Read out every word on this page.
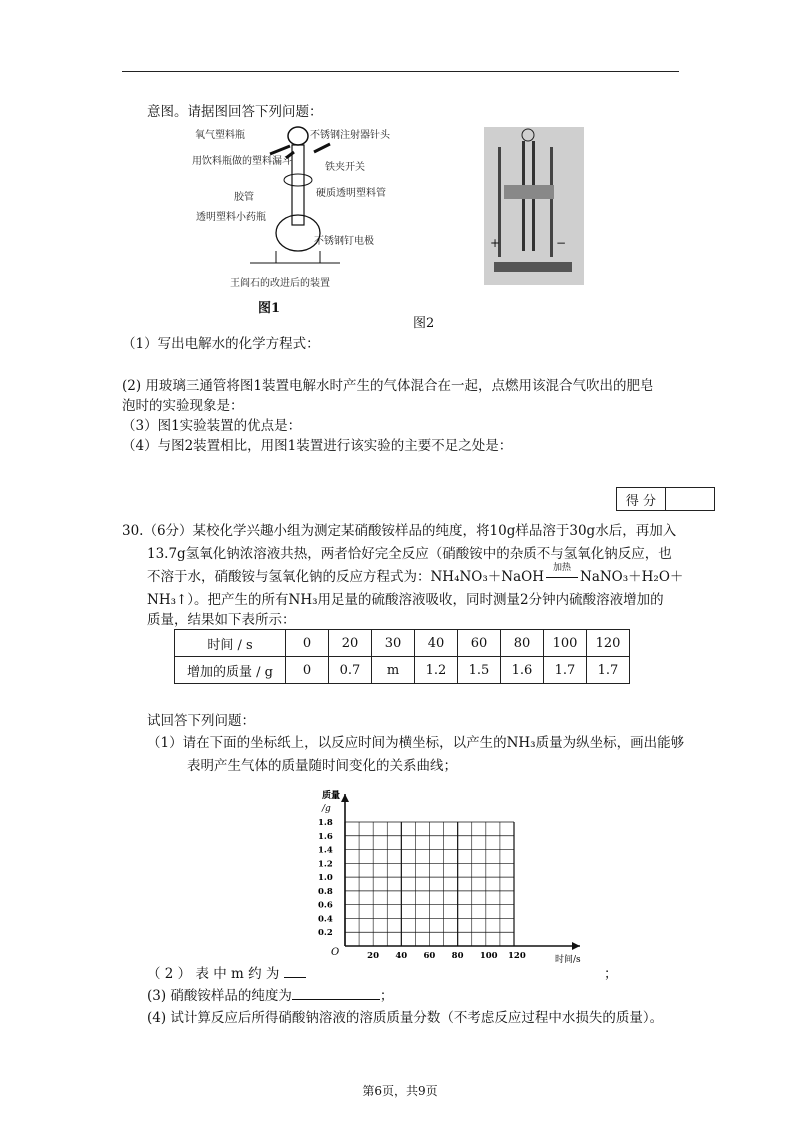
意图。请据图回答下列问题：
氧气塑料瓶	不锈钢注射器针头
用饮料瓶做的塑料漏斗
铁夹开关
胶管	硬质透明塑料管
透明塑料小药瓶
不锈钢钉电极
王阎石的改进后的装置
图1
+	−
图2
（1）写出电解水的化学方程式：
(2) 用玻璃三通管将图1装置电解水时产生的气体混合在一起，点燃用该混合气吹出的肥皂
泡时的实验现象是：
（3）图1实验装置的优点是：
（4）与图2装置相比，用图1装置进行该实验的主要不足之处是：
得 分	
30.（6分）某校化学兴趣小组为测定某硝酸铵样品的纯度，将10g样品溶于30g水后，再加入
13.7g氢氧化钠浓溶液共热，两者恰好完全反应（硝酸铵中的杂质不与氢氧化钠反应，也
不溶于水，硝酸铵与氢氧化钠的反应方程式为：NH₄NO₃＋NaOH
加热
NaNO₃＋H₂O＋
NH₃↑）。把产生的所有NH₃用足量的硫酸溶液吸收，同时测量2分钟内硫酸溶液增加的
质量，结果如下表所示：
时间 / s	0	20	30	40	60	80	100	120
增加的质量 / g	0	0.7	m	1.2	1.5	1.6	1.7	1.7
试回答下列问题：
（1）请在下面的坐标纸上，以反应时间为横坐标，以产生的NH₃质量为纵坐标，画出能够
表明产生气体的质量随时间变化的关系曲线；
质量
/g
O
时间/s
1.8
1.6
1.4
1.2
1.0
0.8
0.6
0.4
0.2
20 40 60 80 100 120
（ 2 ） 表 中 m 约 为	；
(3) 硝酸铵样品的纯度为	；
(4) 试计算反应后所得硝酸钠溶液的溶质质量分数（不考虑反应过程中水损失的质量）。
第6页，共9页
